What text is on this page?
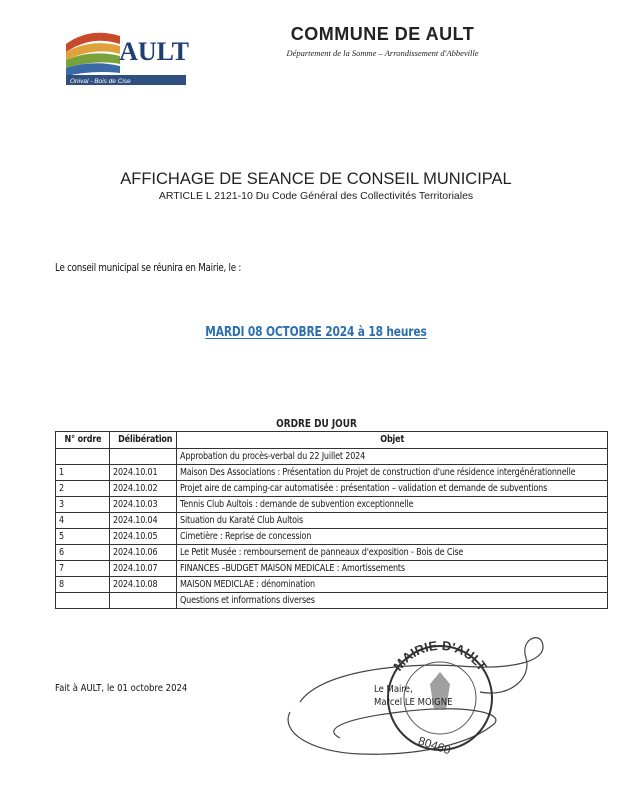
AULT
Onival - Bois de Cise
COMMUNE DE AULT
Département de la Somme – Arrondissement d'Abbeville
AFFICHAGE DE SEANCE DE CONSEIL MUNICIPAL
ARTICLE L 2121-10 Du Code Général des Collectivités Territoriales
Le conseil municipal se réunira en Mairie, le :
MARDI 08 OCTOBRE 2024 à 18 heures
ORDRE DU JOUR
N° ordre	Délibération	Objet

		Approbation du procès-verbal du 22 Juillet 2024

1	2024.10.01	Maison Des Associations : Présentation du Projet de construction d'une résidence intergénérationnelle

2	2024.10.02	Projet aire de camping-car automatisée : présentation – validation et demande de subventions

3	2024.10.03	Tennis Club Aultois : demande de subvention exceptionnelle

4	2024.10.04	Situation du Karaté Club Aultois

5	2024.10.05	Cimetière : Reprise de concession

6	2024.10.06	Le Petit Musée : remboursement de panneaux d'exposition - Bois de Cise

7	2024.10.07	FINANCES –BUDGET MAISON MEDICALE : Amortissements

8	2024.10.08	MAISON MEDICLAE : dénomination

		Questions et informations diverses
Fait à AULT, le 01 octobre 2024
MAIRIE D'AULT
80460
Le Maire,
Marcel LE MOIGNE
